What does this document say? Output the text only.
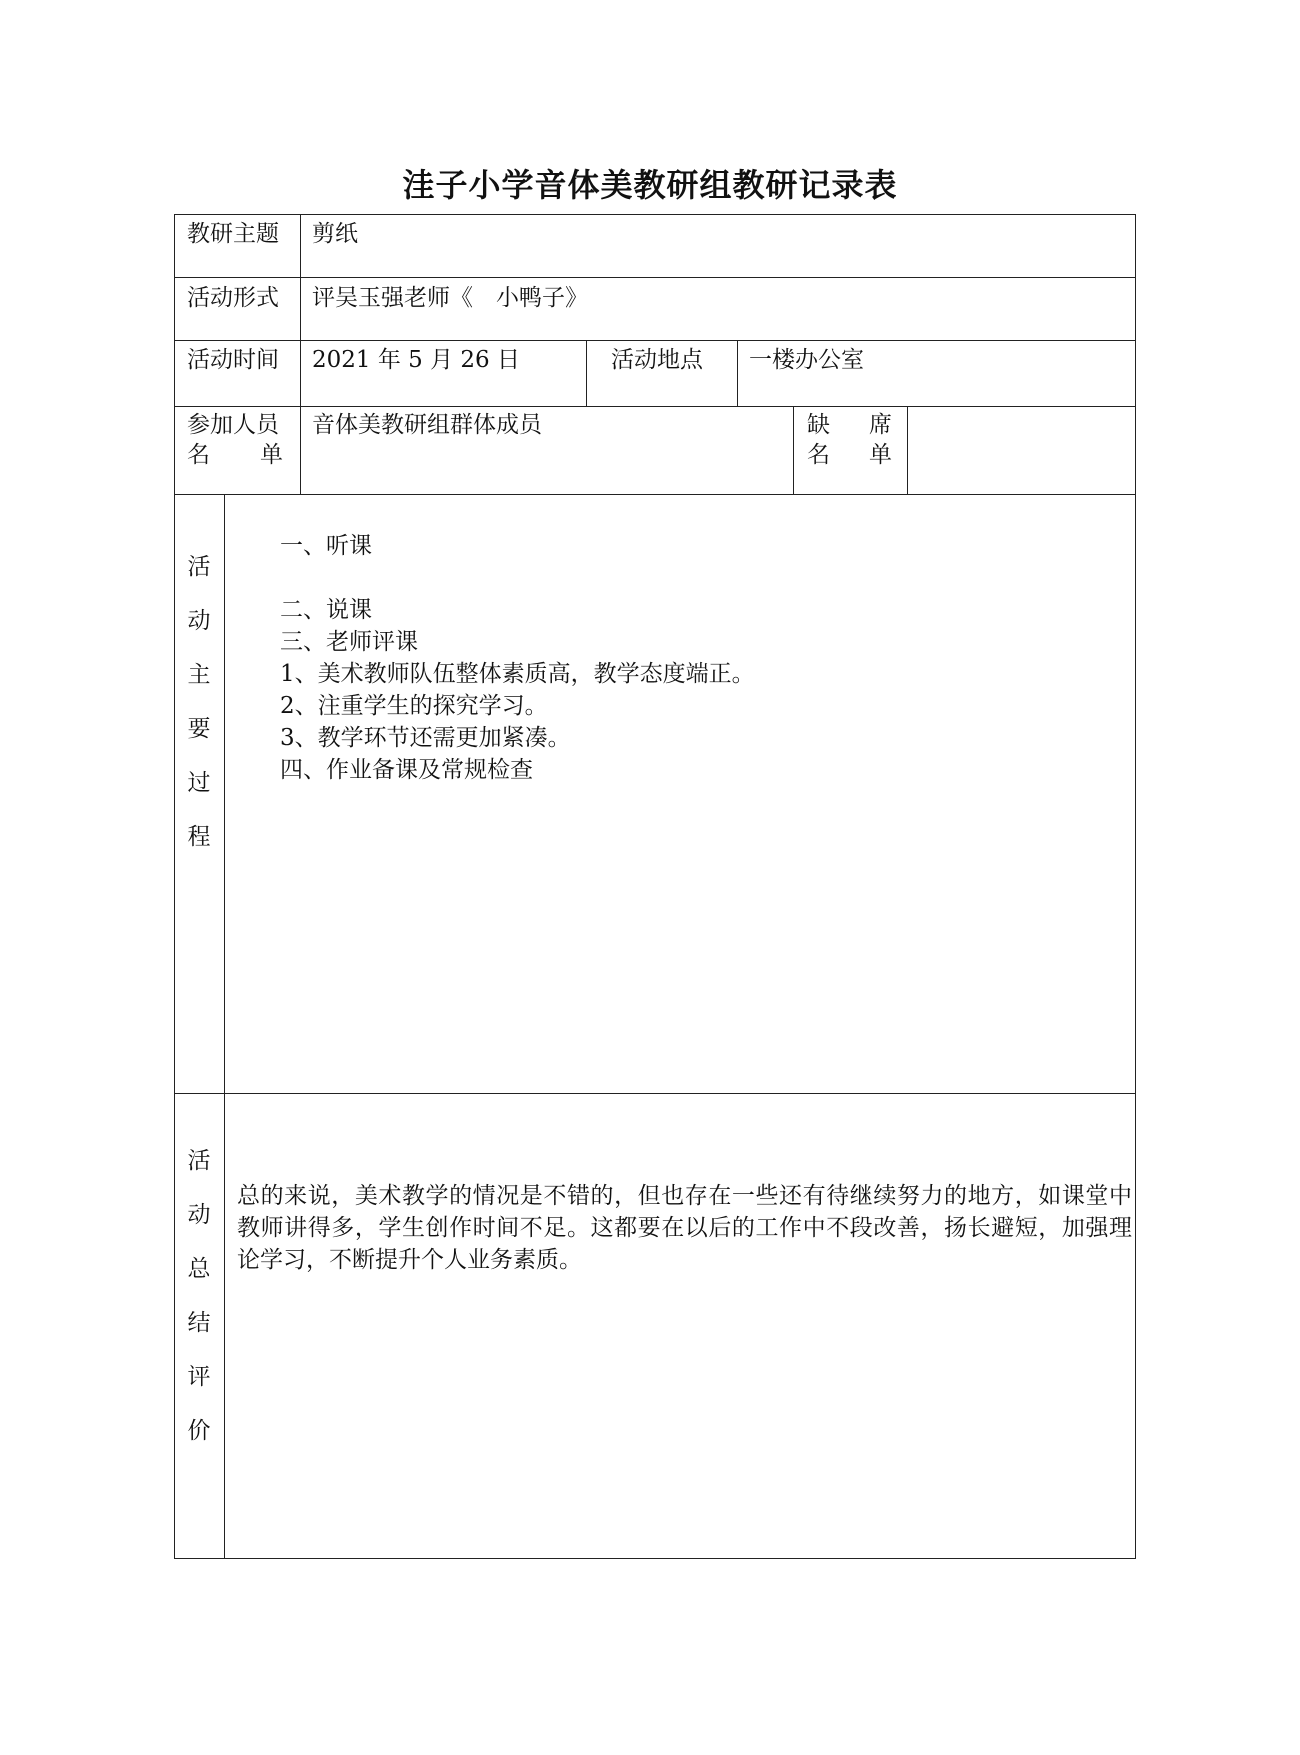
洼子小学音体美教研组教研记录表
教研主题 剪纸
活动形式 评吴玉强老师《　小鸭子》
活动时间 2021 年 5 月 26 日	活动地点 一楼办公室
参加人员
名 单
音体美教研组群体成员	缺 席
名 单
活
动
主
要
过
程
一、听课
二、说课
三、老师评课
1、美术教师队伍整体素质高，教学态度端正。
2、注重学生的探究学习。
3、教学环节还需更加紧凑。
四、作业备课及常规检查
活
动
总
结
评
价
总的来说，美术教学的情况是不错的，但也存在一些还有待继续努力的地方，如课堂中教师讲得多，学生创作时间不足。这都要在以后的工作中不段改善，扬长避短，加强理论学习，不断提升个人业务素质。
